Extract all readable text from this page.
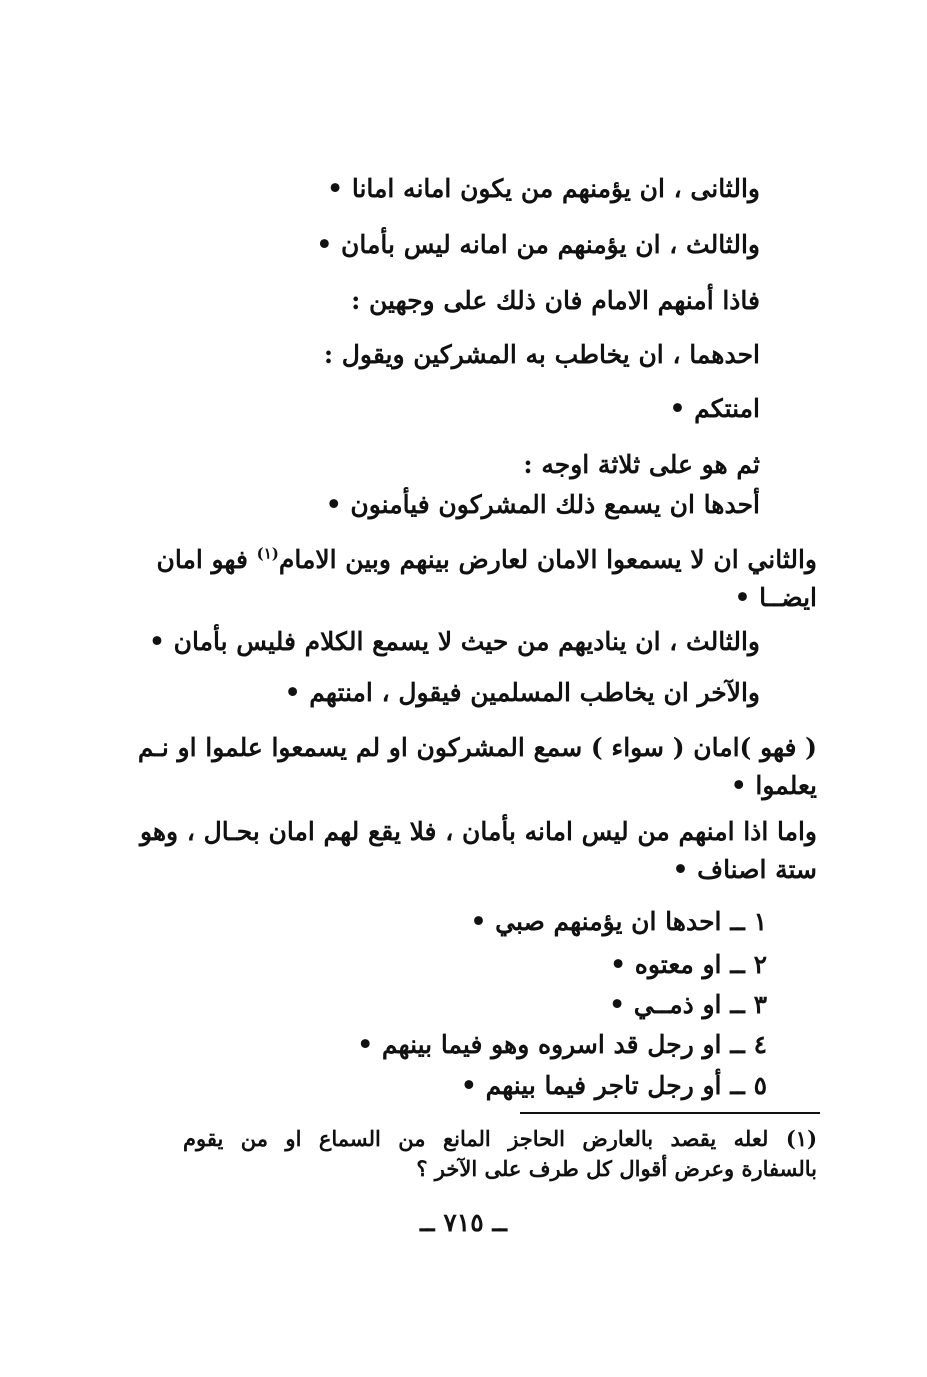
والثانى ، ان يؤمنهم من يكون امانه امانا •
والثالث ، ان يؤمنهم من امانه ليس بأمان •
فاذا أمنهم الامام فان ذلك على وجهين :
احدهما ، ان يخاطب به المشركين ويقول :
امنتكم •
ثم هو على ثلاثة اوجه :
أحدها ان يسمع ذلك المشركون فيأمنون •
والثاني ان لا يسمعوا الامان لعارض بينهم وبين الامام$^{(١)}$ فهو امان
ايضــا •
والثالث ، ان يناديهم من حيث لا يسمع الكلام فليس بأمان •
والآخر ان يخاطب المسلمين فيقول ، امنتهم •
( فهو )امان ( سواء ) سمع المشركون او لم يسمعوا علموا او نـم
يعلموا •
واما اذا امنهم من ليس امانه بأمان ، فلا يقع لهم امان بحـال ، وهو
ستة اصناف •
١ ــ احدها ان يؤمنهم صبي •
٢ ــ او معتوه •
٣ ــ او ذمــي •
٤ ــ او رجل قد اسروه وهو فيما بينهم •
٥ ــ أو رجل تاجر فيما بينهم •
(١) لعله يقصد بالعارض الحاجز المانع من السماع او من يقوم
بالسفارة وعرض أقوال كل طرف على الآخر ؟
ــ ٧١٥ ــ
